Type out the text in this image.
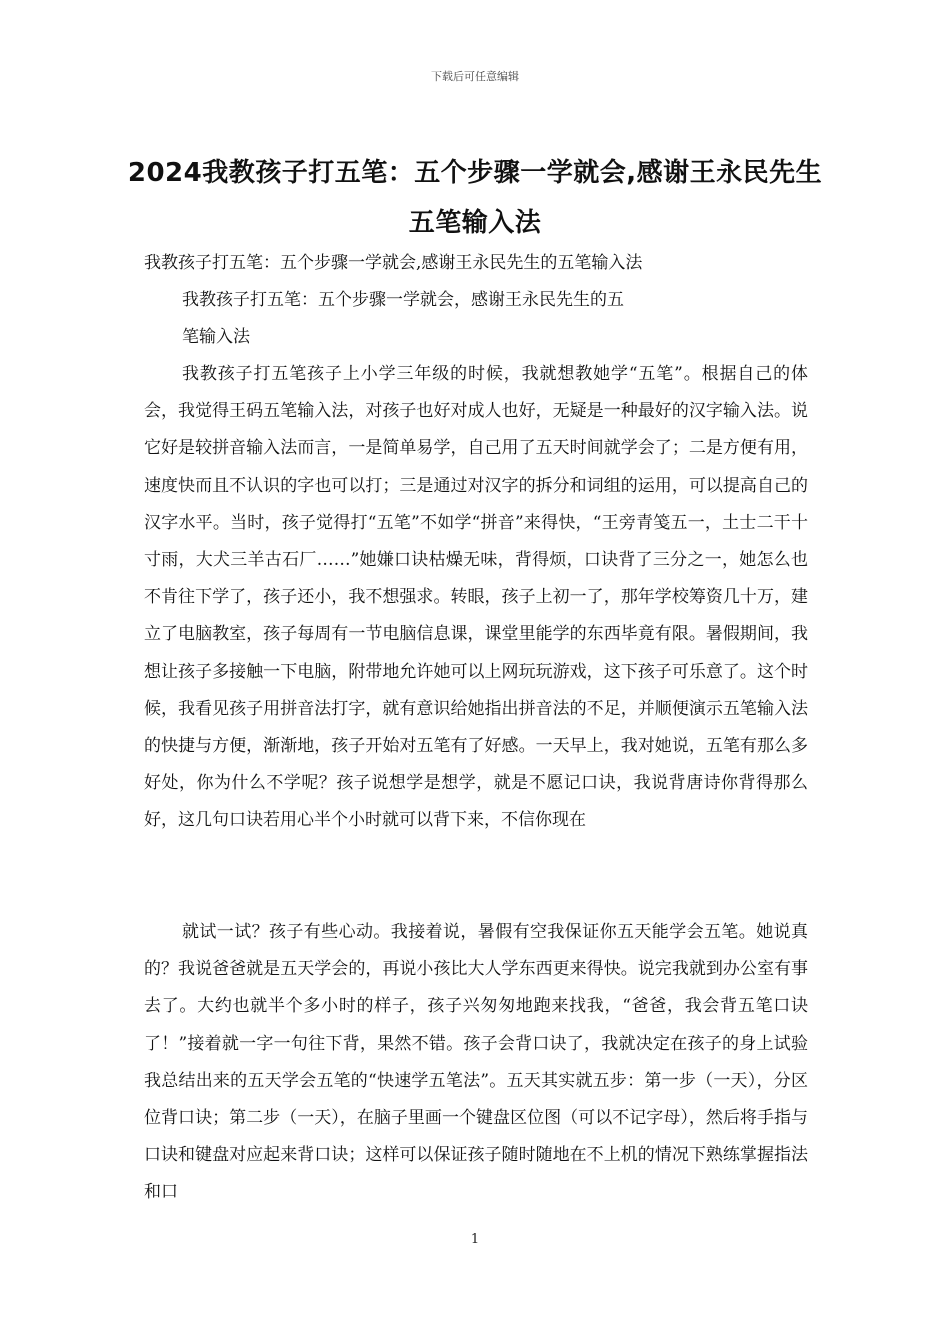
下载后可任意编辑
2024我教孩子打五笔：五个步骤一学就会,感谢王永民先生五笔输入法
我教孩子打五笔：五个步骤一学就会,感谢王永民先生的五笔输入法
我教孩子打五笔：五个步骤一学就会，感谢王永民先生的五
笔输入法
我教孩子打五笔孩子上小学三年级的时候，我就想教她学“五笔”。根据自己的体会，我觉得王码五笔输入法，对孩子也好对成人也好，无疑是一种最好的汉字输入法。说它好是较拼音输入法而言，一是简单易学，自己用了五天时间就学会了；二是方便有用，速度快而且不认识的字也可以打；三是通过对汉字的拆分和词组的运用，可以提高自己的汉字水平。当时，孩子觉得打“五笔”不如学“拼音”来得快，“王旁青笺五一，土士二干十寸雨，大犬三羊古石厂……”她嫌口诀枯燥无味，背得烦，口诀背了三分之一，她怎么也不肯往下学了，孩子还小，我不想强求。转眼，孩子上初一了，那年学校筹资几十万，建立了电脑教室，孩子每周有一节电脑信息课，课堂里能学的东西毕竟有限。暑假期间，我想让孩子多接触一下电脑，附带地允许她可以上网玩玩游戏，这下孩子可乐意了。这个时候，我看见孩子用拼音法打字，就有意识给她指出拼音法的不足，并顺便演示五笔输入法的快捷与方便，渐渐地，孩子开始对五笔有了好感。一天早上，我对她说，五笔有那么多好处，你为什么不学呢？孩子说想学是想学，就是不愿记口诀，我说背唐诗你背得那么好，这几句口诀若用心半个小时就可以背下来，不信你现在
就试一试？孩子有些心动。我接着说，暑假有空我保证你五天能学会五笔。她说真的？我说爸爸就是五天学会的，再说小孩比大人学东西更来得快。说完我就到办公室有事去了。大约也就半个多小时的样子，孩子兴匆匆地跑来找我，“爸爸，我会背五笔口诀了！”接着就一字一句往下背，果然不错。孩子会背口诀了，我就决定在孩子的身上试验我总结出来的五天学会五笔的“快速学五笔法”。五天其实就五步：第一步（一天），分区位背口诀；第二步（一天），在脑子里画一个键盘区位图（可以不记字母），然后将手指与口诀和键盘对应起来背口诀；这样可以保证孩子随时随地在不上机的情况下熟练掌握指法和口
1
